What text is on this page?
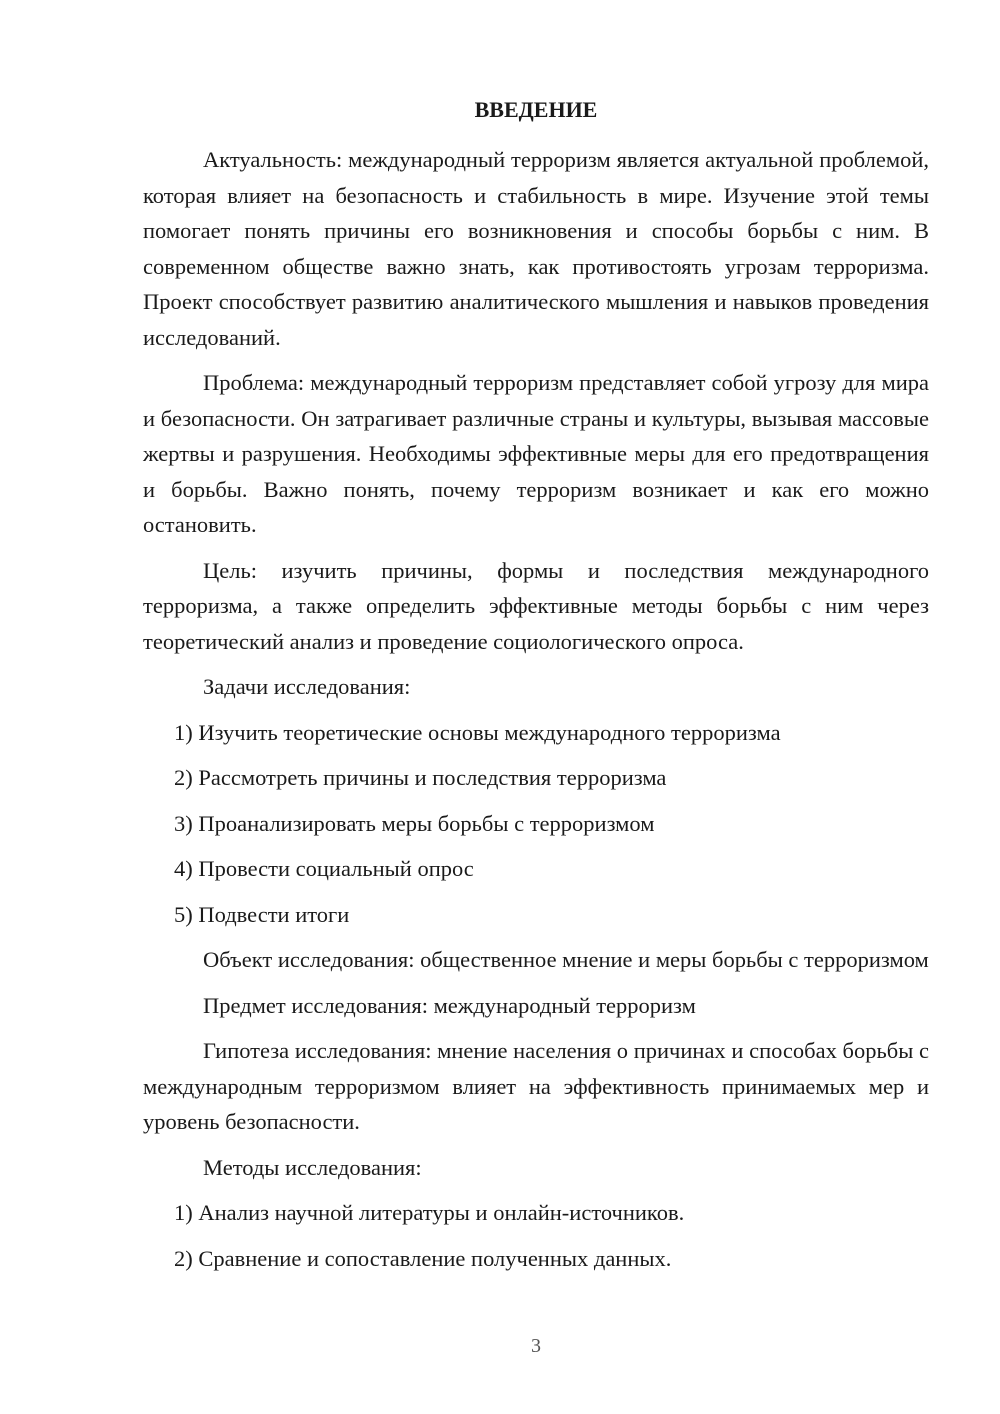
ВВЕДЕНИЕ

Актуальность: международный терроризм является актуальной проблемой, которая влияет на безопасность и стабильность в мире. Изучение этой темы помогает понять причины его возникновения и способы борьбы с ним. В современном обществе важно знать, как противостоять угрозам терроризма. Проект способствует развитию аналитического мышления и навыков проведения исследований.

Проблема: международный терроризм представляет собой угрозу для мира и безопасности. Он затрагивает различные страны и культуры, вызывая массовые жертвы и разрушения. Необходимы эффективные меры для его предотвращения и борьбы. Важно понять, почему терроризм возникает и как его можно остановить.

Цель: изучить причины, формы и последствия международного терроризма, а также определить эффективные методы борьбы с ним через теоретический анализ и проведение социологического опроса.

Задачи исследования:

1) Изучить теоретические основы международного терроризма
2) Рассмотреть причины и последствия терроризма
3) Проанализировать меры борьбы с терроризмом
4) Провести социальный опрос
5) Подвести итоги

Объект исследования: общественное мнение и меры борьбы с терроризмом

Предмет исследования: международный терроризм

Гипотеза исследования: мнение населения о причинах и способах борьбы с международным терроризмом влияет на эффективность принимаемых мер и уровень безопасности.

Методы исследования:

1) Анализ научной литературы и онлайн-источников.
2) Сравнение и сопоставление полученных данных.
3
